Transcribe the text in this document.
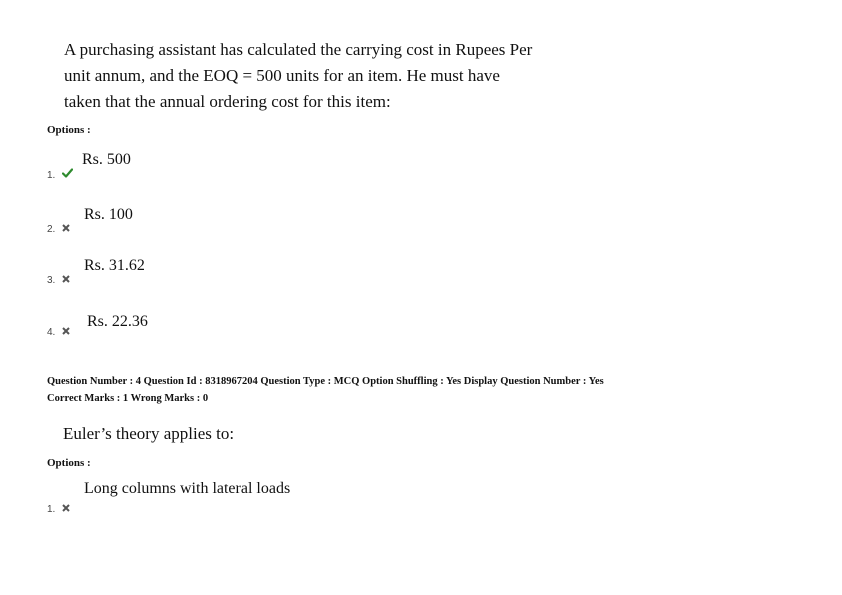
A purchasing assistant has calculated the carrying cost in Rupees Per
unit annum, and the EOQ = 500 units for an item. He must have
taken that the annual ordering cost for this item:
Options :
Rs. 500
1.
Rs. 100
2.
Rs. 31.62
3.
Rs. 22.36
4.
Question Number : 4 Question Id : 8318967204 Question Type : MCQ Option Shuffling : Yes Display Question Number : Yes
Correct Marks : 1 Wrong Marks : 0
Euler’s theory applies to:
Options :
Long columns with lateral loads
1.
